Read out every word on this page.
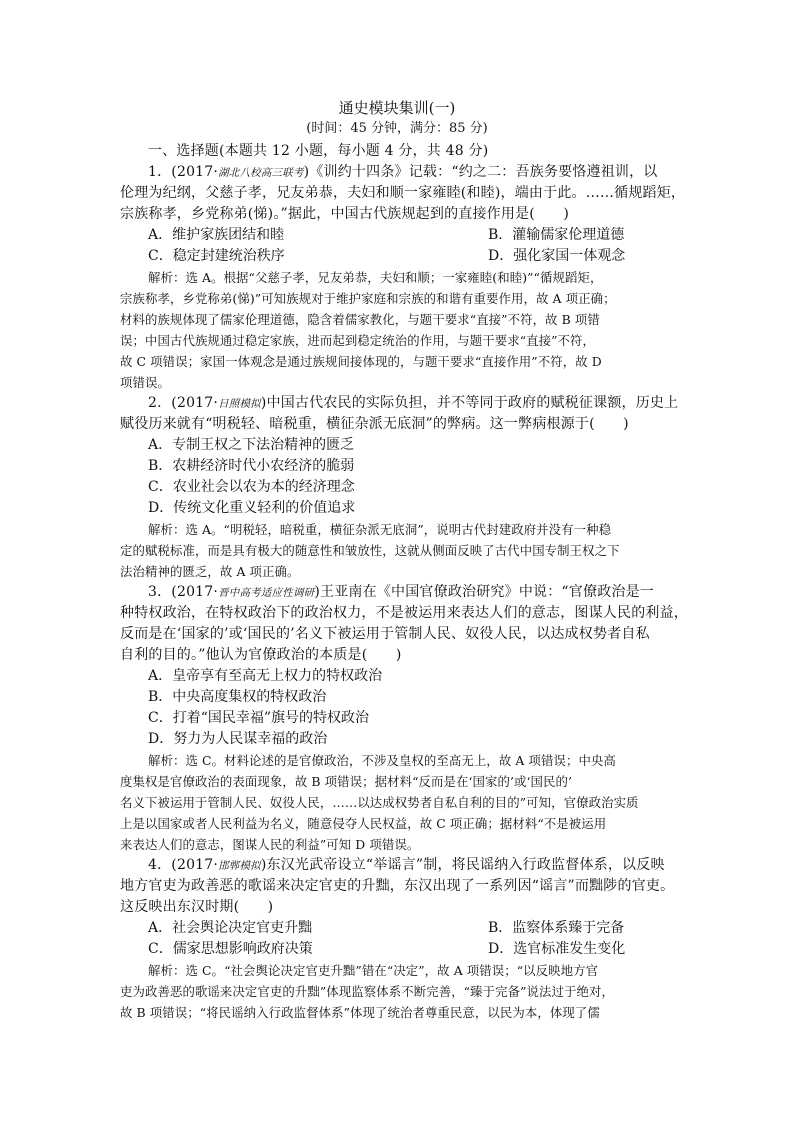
通史模块集训(一)
(时间：45 分钟，满分：85 分)
一、选择题(本题共 12 小题，每小题 4 分，共 48 分)
1．(2017·湖北八校高三联考)《训约十四条》记载：“约之二：吾族务要恪遵祖训，以
伦理为纪纲，父慈子孝，兄友弟恭，夫妇和顺一家雍睦(和睦)，端由于此。……循规蹈矩，
宗族称孝，乡党称弟(悌)。”据此，中国古代族规起到的直接作用是(　　)
A．维护家族团结和睦	B．灌输儒家伦理道德
C．稳定封建统治秩序	D．强化家国一体观念
解析：选 A。根据“父慈子孝，兄友弟恭，夫妇和顺；一家雍睦(和睦)”“循规蹈矩，
宗族称孝，乡党称弟(悌)”可知族规对于维护家庭和宗族的和谐有重要作用，故 A 项正确；
材料的族规体现了儒家伦理道德，隐含着儒家教化，与题干要求“直接”不符，故 B 项错
误；中国古代族规通过稳定家族，进而起到稳定统治的作用，与题干要求“直接”不符，
故 C 项错误；家国一体观念是通过族规间接体现的，与题干要求“直接作用”不符，故 D
项错误。
2．(2017·日照模拟)中国古代农民的实际负担，并不等同于政府的赋税征课额，历史上
赋役历来就有“明税轻、暗税重，横征杂派无底洞”的弊病。这一弊病根源于(　　)
A．专制王权之下法治精神的匮乏
B．农耕经济时代小农经济的脆弱
C．农业社会以农为本的经济理念
D．传统文化重义轻利的价值追求
解析：选 A。“明税轻，暗税重，横征杂派无底洞”，说明古代封建政府并没有一种稳
定的赋税标准，而是具有极大的随意性和皱放性，这就从侧面反映了古代中国专制王权之下
法治精神的匮乏，故 A 项正确。
3．(2017·晋中高考适应性调研)王亚南在《中国官僚政治研究》中说：“官僚政治是一
种特权政治，在特权政治下的政治权力，不是被运用来表达人们的意志，图谋人民的利益，
反而是在‘国家的’或‘国民的’名义下被运用于管制人民、奴役人民，以达成权势者自私
自利的目的。”他认为官僚政治的本质是(　　)
A．皇帝享有至高无上权力的特权政治
B．中央高度集权的特权政治
C．打着“国民幸福”旗号的特权政治
D．努力为人民谋幸福的政治
解析：选 C。材料论述的是官僚政治，不涉及皇权的至高无上，故 A 项错误；中央高
度集权是官僚政治的表面现象，故 B 项错误；据材料“反而是在‘国家的’或‘国民的’
名义下被运用于管制人民、奴役人民，……以达成权势者自私自利的目的”可知，官僚政治实质
上是以国家或者人民利益为名义，随意侵夺人民权益，故 C 项正确；据材料“不是被运用
来表达人们的意志，图谋人民的利益”可知 D 项错误。
4．(2017·邯郸模拟)东汉光武帝设立“举谣言”制，将民谣纳入行政监督体系，以反映
地方官吏为政善恶的歌谣来决定官吏的升黜，东汉出现了一系列因“谣言”而黜陟的官吏。
这反映出东汉时期(　　)
A．社会舆论决定官吏升黜	B．监察体系臻于完备
C．儒家思想影响政府决策	D．选官标准发生变化
解析：选 C。“社会舆论决定官吏升黜”错在“决定”，故 A 项错误；“以反映地方官
吏为政善恶的歌谣来决定官吏的升黜”体现监察体系不断完善，“臻于完备”说法过于绝对，
故 B 项错误；“将民谣纳入行政监督体系”体现了统治者尊重民意，以民为本，体现了儒
